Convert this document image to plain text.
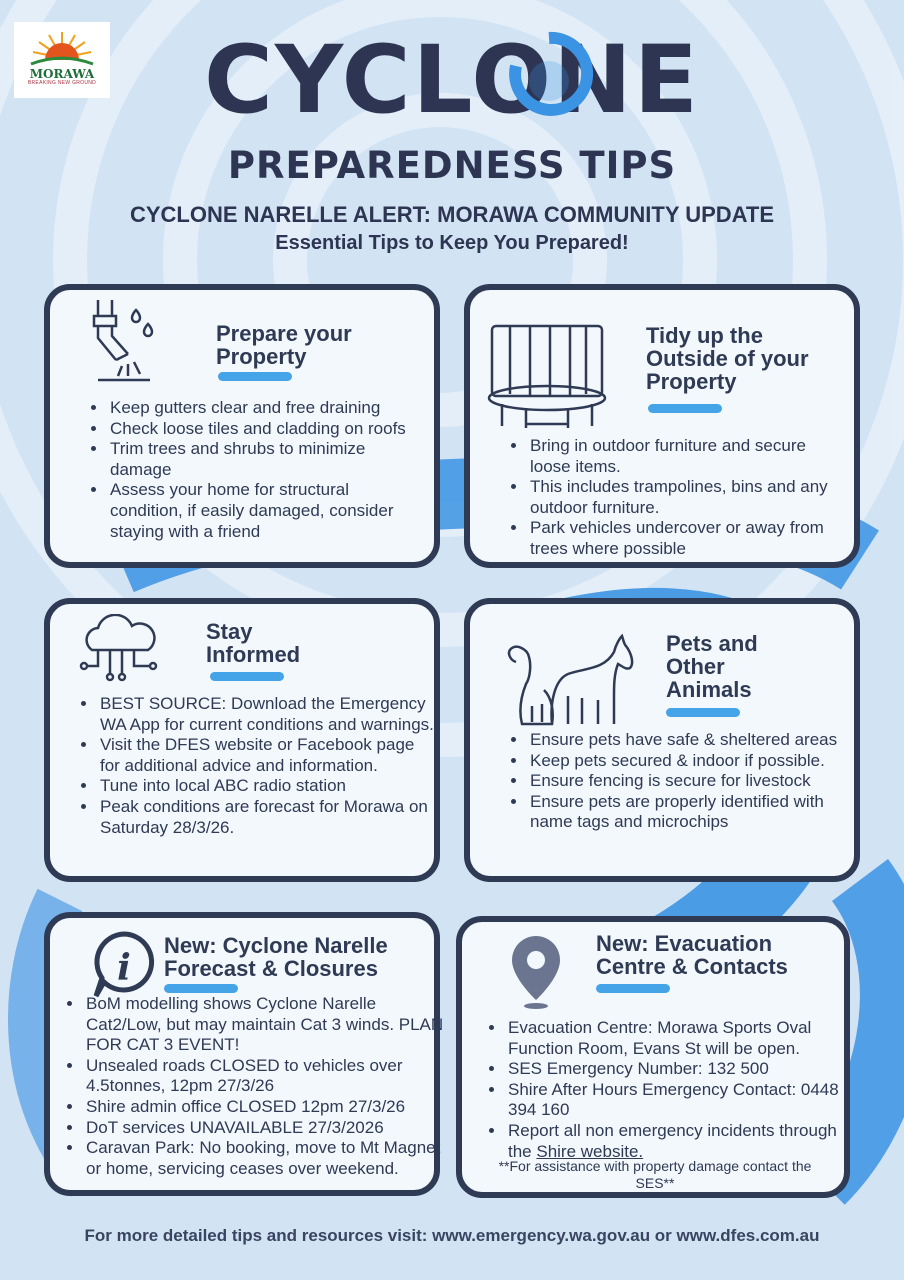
MORAWA
BREAKING NEW GROUND	CYCLONE
PREPAREDNESS TIPS
CYCLONE NARELLE ALERT: MORAWA COMMUNITY UPDATE
Essential Tips to Keep You Prepared!
Prepare your
Property
• Keep gutters clear and free draining
• Check loose tiles and cladding on roofs
• Trim trees and shrubs to minimize damage
• Assess your home for structural condition, if easily damaged, consider staying with a friend
Tidy up the
Outside of your
Property
• Bring in outdoor furniture and secure loose items.
• This includes trampolines, bins and any outdoor furniture.
• Park vehicles undercover or away from trees where possible
Stay
Informed
• BEST SOURCE: Download the Emergency WA App for current conditions and warnings.
• Visit the DFES website or Facebook page for additional advice and information.
• Tune into local ABC radio station
• Peak conditions are forecast for Morawa on Saturday 28/3/26.
Pets and
Other
Animals
• Ensure pets have safe & sheltered areas
• Keep pets secured & indoor if possible.
• Ensure fencing is secure for livestock
• Ensure pets are properly identified with name tags and microchips
i
New: Cyclone Narelle
Forecast & Closures
• BoM modelling shows Cyclone Narelle Cat2/Low, but may maintain Cat 3 winds. PLAN FOR CAT 3 EVENT!
• Unsealed roads CLOSED to vehicles over 4.5tonnes, 12pm 27/3/26
• Shire admin office CLOSED 12pm 27/3/26
• DoT services UNAVAILABLE 27/3/2026
• Caravan Park: No booking, move to Mt Magnet or home, servicing ceases over weekend.
New: Evacuation
Centre & Contacts
• Evacuation Centre: Morawa Sports Oval Function Room, Evans St will be open.
• SES Emergency Number: 132 500
• Shire After Hours Emergency Contact: 0448 394 160
• Report all non emergency incidents through the Shire website.
**For assistance with property damage contact the SES**
For more detailed tips and resources visit: www.emergency.wa.gov.au or www.dfes.com.au
